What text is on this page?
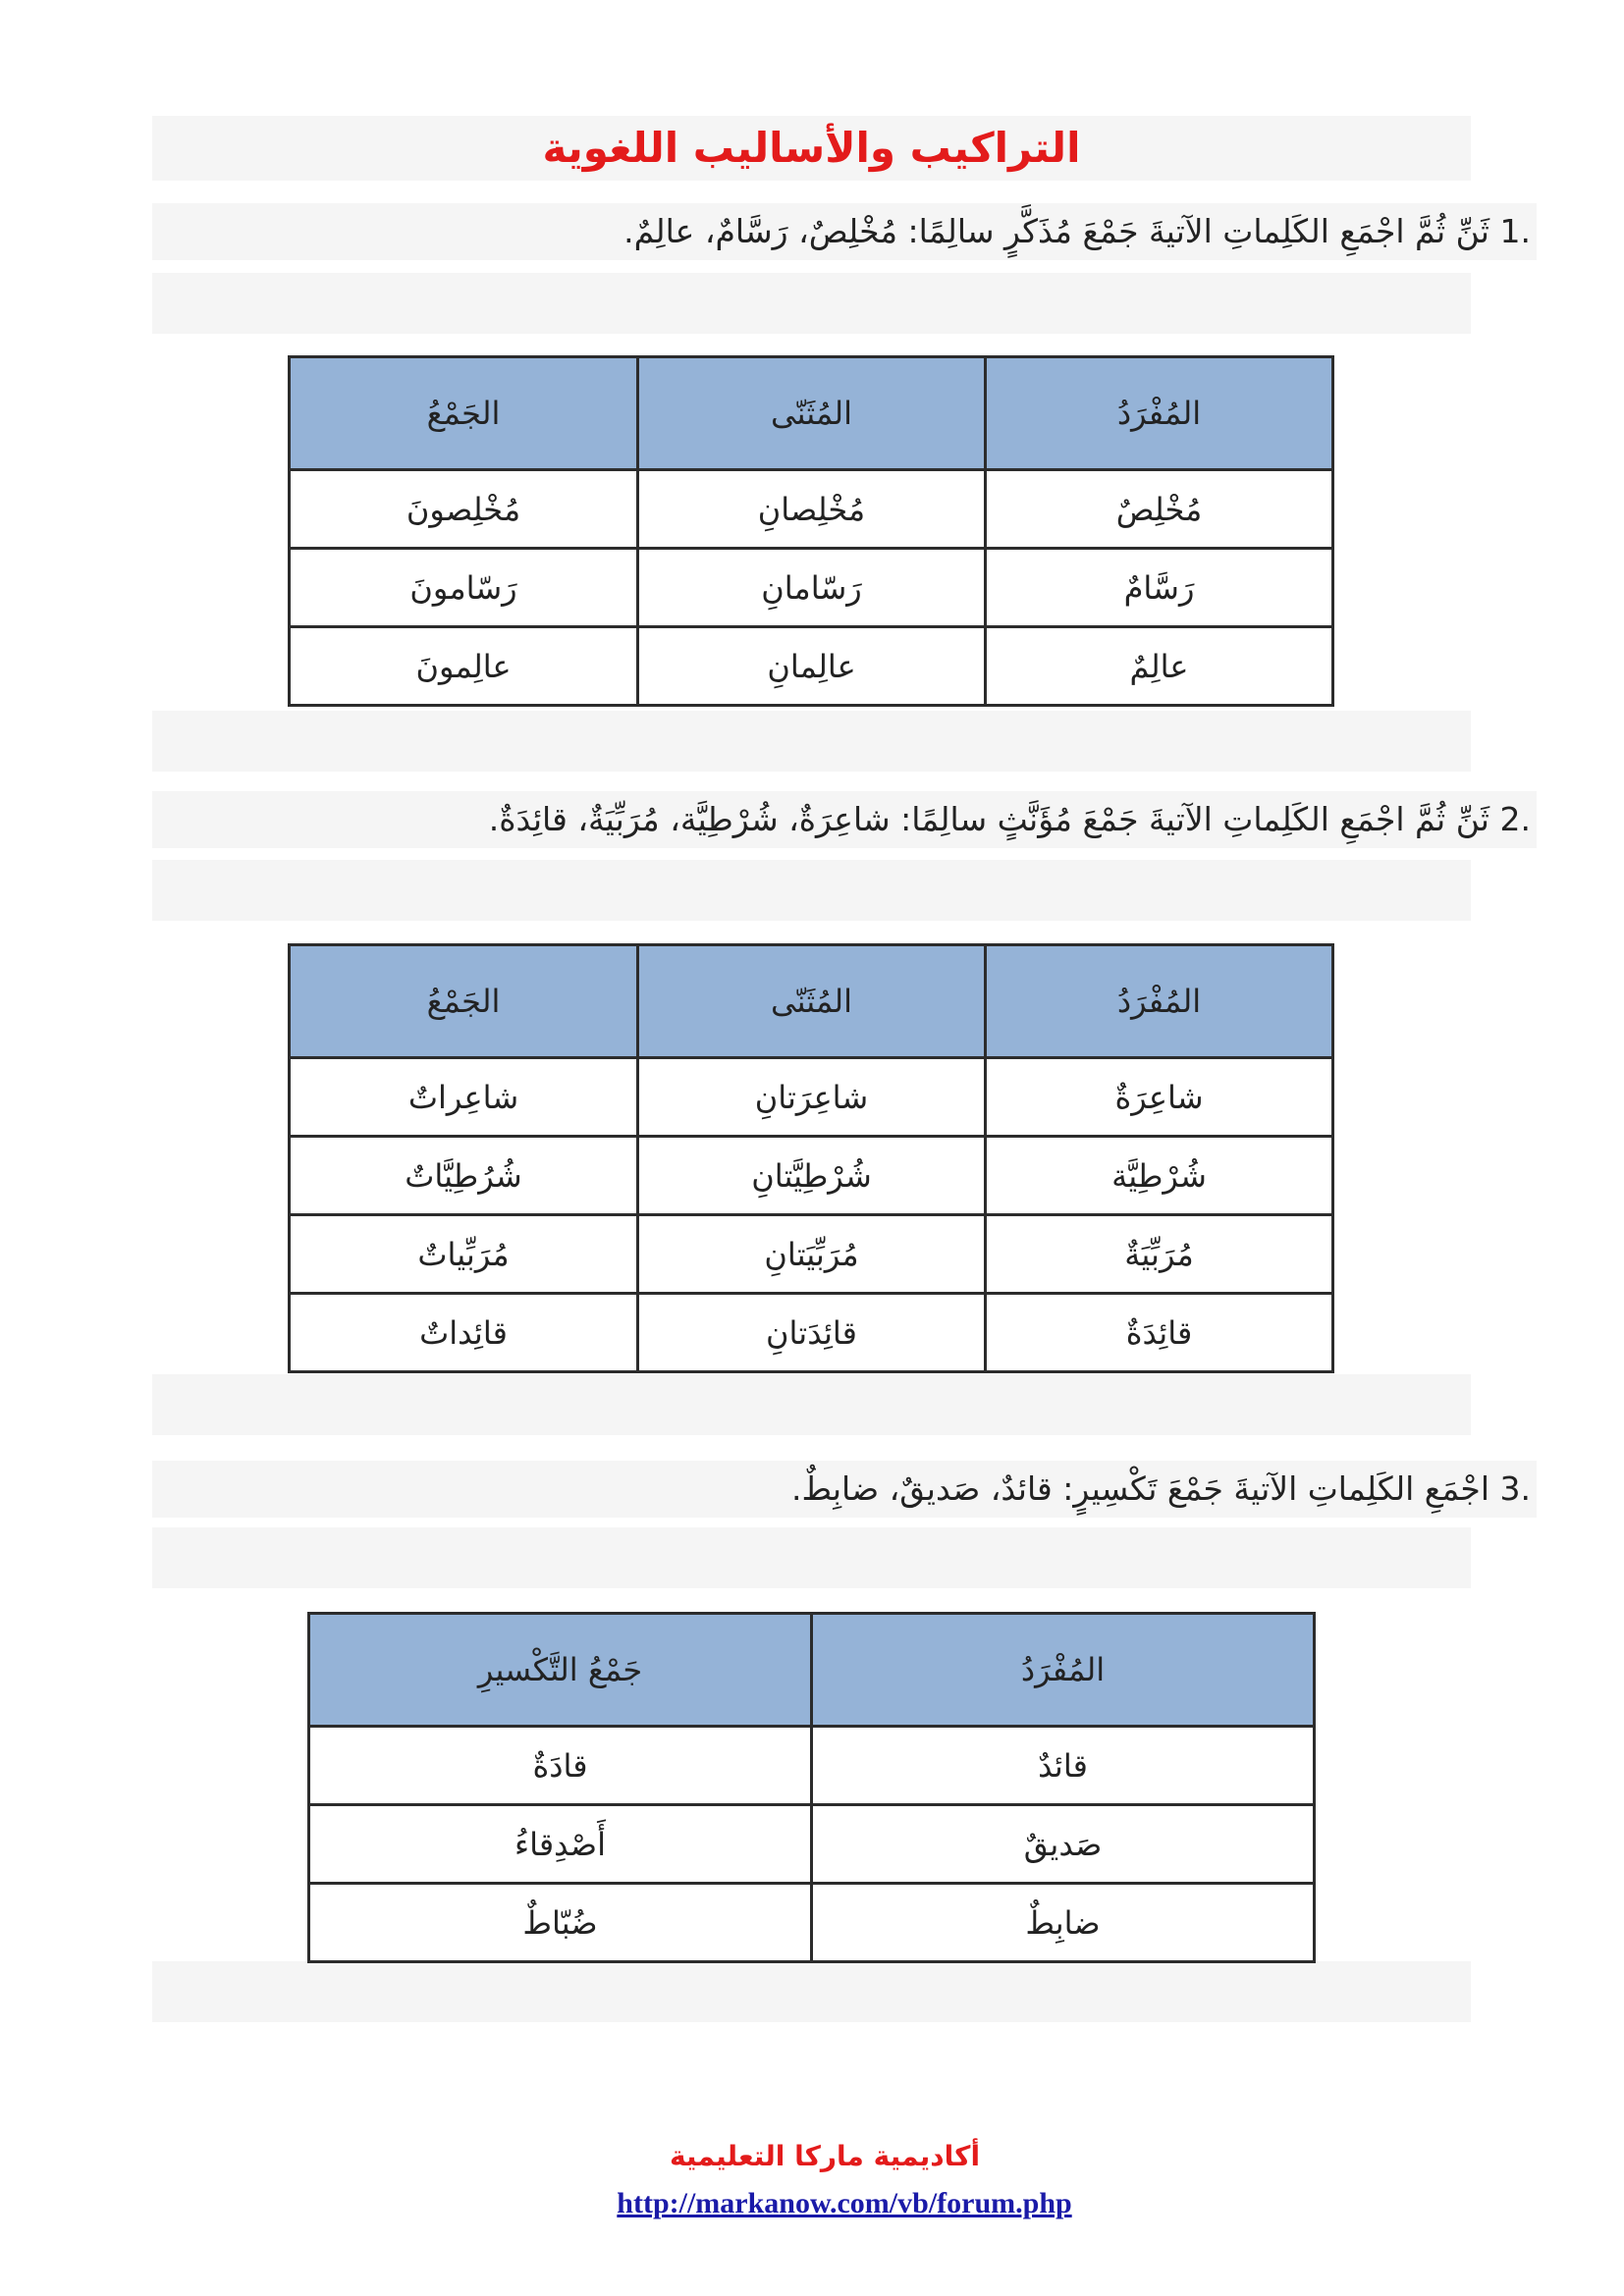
التراكيب والأساليب اللغوية
1. ثَنِّ ثُمَّ اجْمَعِ الكَلِماتِ الآتيةَ جَمْعَ مُذَكَّرٍ سالِمًا: مُخْلِصٌ، رَسَّامٌ، عالِمٌ.
المُفْرَدُ	المُثَنّى	الجَمْعُ
مُخْلِصٌ	مُخْلِصانِ	مُخْلِصونَ
رَسَّامٌ	رَسّامانِ	رَسّامونَ
عالِمٌ	عالِمانِ	عالِمونَ
2. ثَنِّ ثُمَّ اجْمَعِ الكَلِماتِ الآتيةَ جَمْعَ مُؤَنَّثٍ سالِمًا: شاعِرَةٌ، شُرْطِيَّة، مُرَبِّيَةٌ، قائِدَةٌ.
المُفْرَدُ	المُثَنّى	الجَمْعُ
شاعِرَةٌ	شاعِرَتانِ	شاعِراتٌ
شُرْطِيَّة	شُرْطِيَّتانِ	شُرُطِيَّاتٌ
مُرَبِّيَةٌ	مُرَبِّيَتانِ	مُرَبِّياتٌ
قائِدَةٌ	قائِدَتانِ	قائِداتٌ
3. اجْمَعِ الكَلِماتِ الآتيةَ جَمْعَ تَكْسِيرٍ: قائدٌ، صَديقٌ، ضابِطٌ.
المُفْرَدُ	جَمْعُ التَّكْسيرِ
قائدٌ	قادَةٌ
صَديقٌ	أَصْدِقاءُ
ضابِطٌ	ضُبّاطٌ
أكاديمية ماركا التعليمية
http://markanow.com/vb/forum.php
